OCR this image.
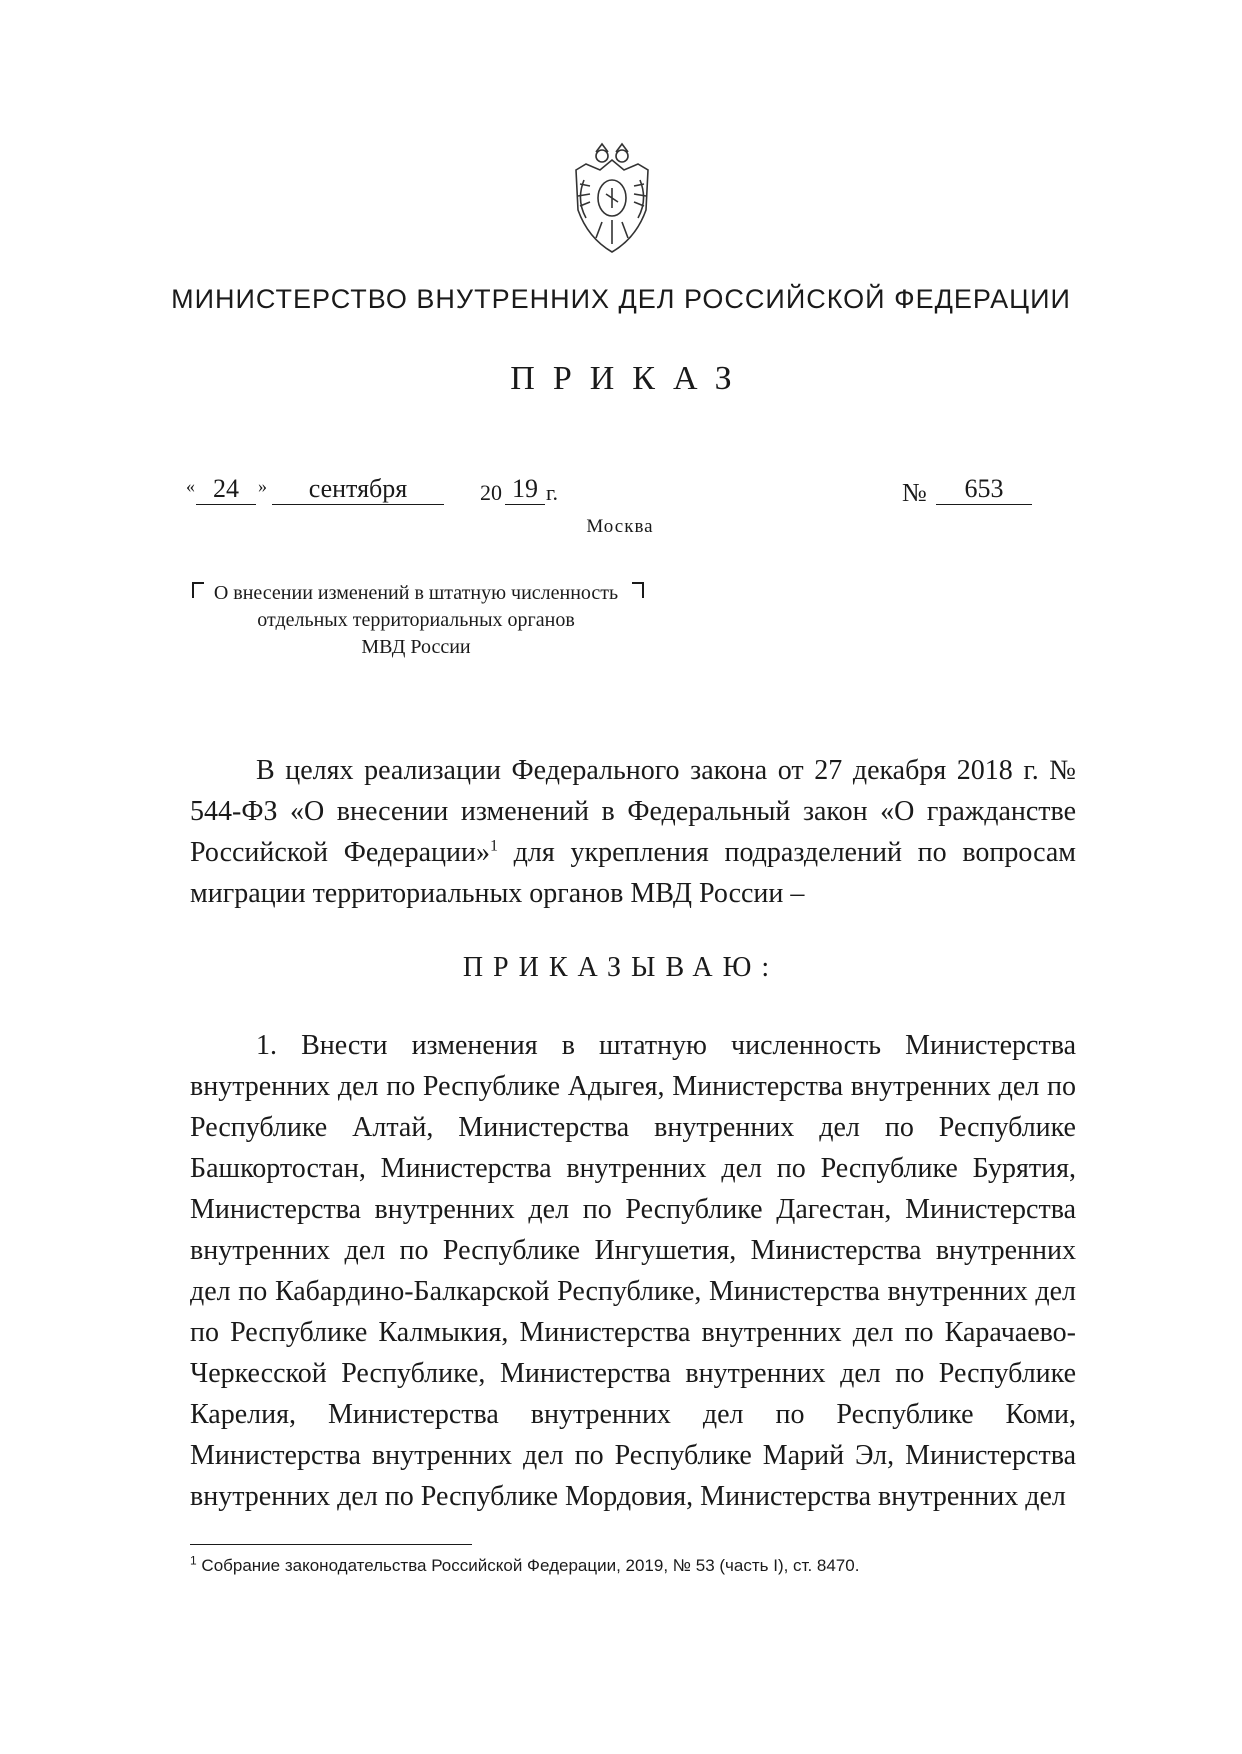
МИНИСТЕРСТВО ВНУТРЕННИХ ДЕЛ РОССИЙСКОЙ ФЕДЕРАЦИИ
ПРИКАЗ
« 24	»	сентября	20 19 г.	№	653
Москва
О внесении изменений в штатную численность
отдельных территориальных органов
МВД России
В целях реализации Федерального закона от 27 декабря 2018 г. № 544-ФЗ «О внесении изменений в Федеральный закон «О гражданстве Российской Федерации»$^1$ для укрепления подразделений по вопросам миграции территориальных органов МВД России –
ПРИКАЗЫВАЮ:
1. Внести изменения в штатную численность Министерства внутренних дел по Республике Адыгея, Министерства внутренних дел по Республике Алтай, Министерства внутренних дел по Республике Башкортостан, Министерства внутренних дел по Республике Бурятия, Министерства внутренних дел по Республике Дагестан, Министерства внутренних дел по Республике Ингушетия, Министерства внутренних дел по Кабардино-Балкарской Республике, Министерства внутренних дел по Республике Калмыкия, Министерства внутренних дел по Карачаево-Черкесской Республике, Министерства внутренних дел по Республике Карелия, Министерства внутренних дел по Республике Коми, Министерства внутренних дел по Республике Марий Эл, Министерства внутренних дел по Республике Мордовия, Министерства внутренних дел
$^1$ Собрание законодательства Российской Федерации, 2019, № 53 (часть I), ст. 8470.
